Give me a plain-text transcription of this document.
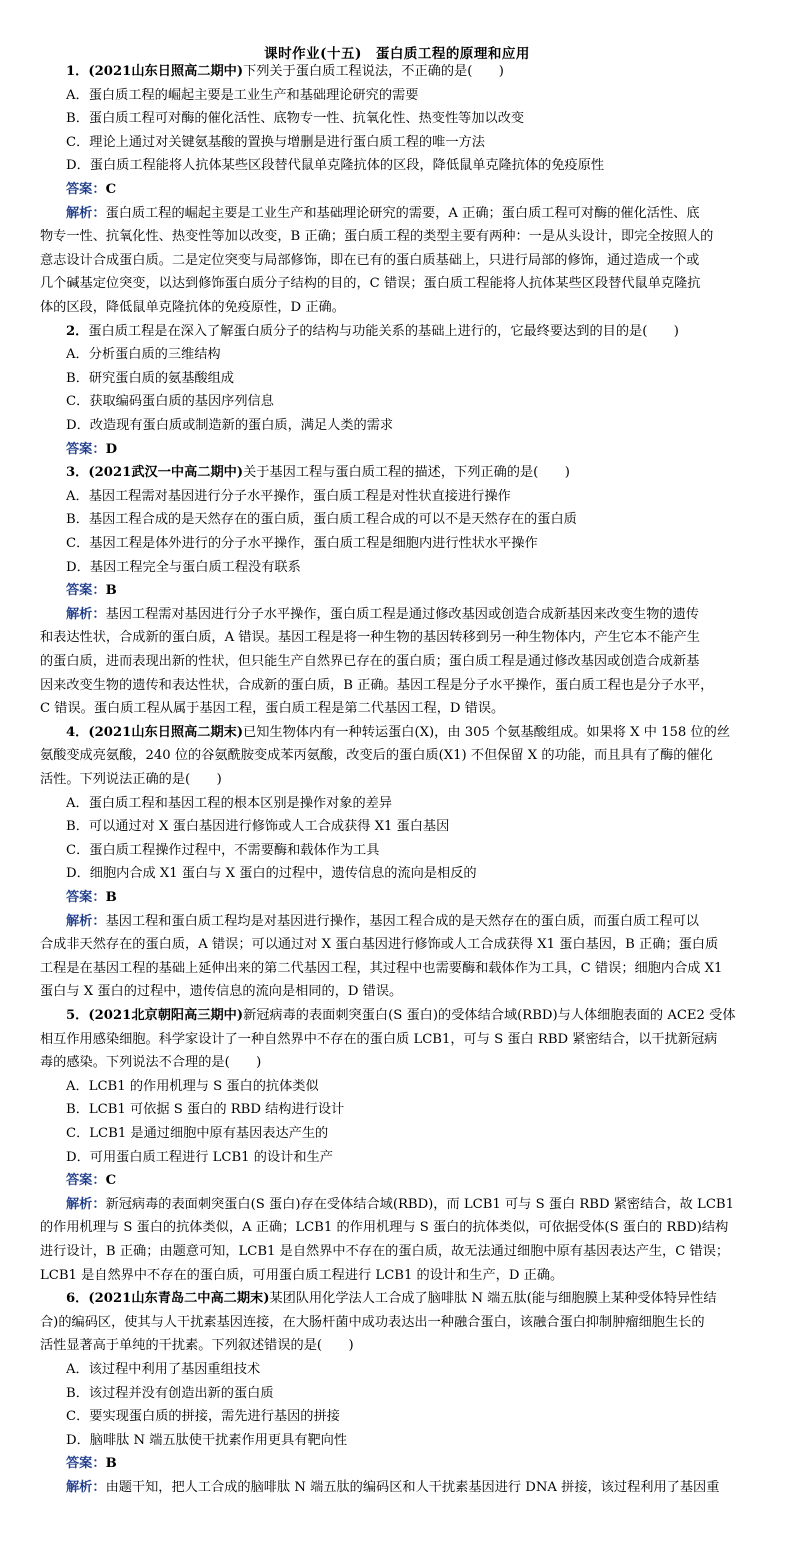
课时作业(十五)　蛋白质工程的原理和应用
1．(2021山东日照高二期中)下列关于蛋白质工程说法，不正确的是(　　)
A．蛋白质工程的崛起主要是工业生产和基础理论研究的需要
B．蛋白质工程可对酶的催化活性、底物专一性、抗氧化性、热变性等加以改变
C．理论上通过对关键氨基酸的置换与增删是进行蛋白质工程的唯一方法
D．蛋白质工程能将人抗体某些区段替代鼠单克隆抗体的区段，降低鼠单克隆抗体的免疫原性
答案：C
解析：蛋白质工程的崛起主要是工业生产和基础理论研究的需要，A 正确；蛋白质工程可对酶的催化活性、底
物专一性、抗氧化性、热变性等加以改变，B 正确；蛋白质工程的类型主要有两种：一是从头设计，即完全按照人的
意志设计合成蛋白质。二是定位突变与局部修饰，即在已有的蛋白质基础上，只进行局部的修饰，通过造成一个或
几个碱基定位突变，以达到修饰蛋白质分子结构的目的，C 错误；蛋白质工程能将人抗体某些区段替代鼠单克隆抗
体的区段，降低鼠单克隆抗体的免疫原性，D 正确。
2．蛋白质工程是在深入了解蛋白质分子的结构与功能关系的基础上进行的，它最终要达到的目的是(　　)
A．分析蛋白质的三维结构
B．研究蛋白质的氨基酸组成
C．获取编码蛋白质的基因序列信息
D．改造现有蛋白质或制造新的蛋白质，满足人类的需求
答案：D
3．(2021武汉一中高二期中)关于基因工程与蛋白质工程的描述，下列正确的是(　　)
A．基因工程需对基因进行分子水平操作，蛋白质工程是对性状直接进行操作
B．基因工程合成的是天然存在的蛋白质，蛋白质工程合成的可以不是天然存在的蛋白质
C．基因工程是体外进行的分子水平操作，蛋白质工程是细胞内进行性状水平操作
D．基因工程完全与蛋白质工程没有联系
答案：B
解析：基因工程需对基因进行分子水平操作，蛋白质工程是通过修改基因或创造合成新基因来改变生物的遗传
和表达性状，合成新的蛋白质，A 错误。基因工程是将一种生物的基因转移到另一种生物体内，产生它本不能产生
的蛋白质，进而表现出新的性状，但只能生产自然界已存在的蛋白质；蛋白质工程是通过修改基因或创造合成新基
因来改变生物的遗传和表达性状，合成新的蛋白质，B 正确。基因工程是分子水平操作，蛋白质工程也是分子水平，
C 错误。蛋白质工程从属于基因工程，蛋白质工程是第二代基因工程，D 错误。
4．(2021山东日照高二期末)已知生物体内有一种转运蛋白(X)，由 305 个氨基酸组成。如果将 X 中 158 位的丝
氨酸变成亮氨酸，240 位的谷氨酰胺变成苯丙氨酸，改变后的蛋白质(X1) 不但保留 X 的功能，而且具有了酶的催化
活性。下列说法正确的是(　　)
A．蛋白质工程和基因工程的根本区别是操作对象的差异
B．可以通过对 X 蛋白基因进行修饰或人工合成获得 X1 蛋白基因
C．蛋白质工程操作过程中，不需要酶和载体作为工具
D．细胞内合成 X1 蛋白与 X 蛋白的过程中，遗传信息的流向是相反的
答案：B
解析：基因工程和蛋白质工程均是对基因进行操作，基因工程合成的是天然存在的蛋白质，而蛋白质工程可以
合成非天然存在的蛋白质，A 错误；可以通过对 X 蛋白基因进行修饰或人工合成获得 X1 蛋白基因，B 正确；蛋白质
工程是在基因工程的基础上延伸出来的第二代基因工程，其过程中也需要酶和载体作为工具，C 错误；细胞内合成 X1
蛋白与 X 蛋白的过程中，遗传信息的流向是相同的，D 错误。
5．(2021北京朝阳高三期中)新冠病毒的表面刺突蛋白(S 蛋白)的受体结合域(RBD)与人体细胞表面的 ACE2 受体
相互作用感染细胞。科学家设计了一种自然界中不存在的蛋白质 LCB1，可与 S 蛋白 RBD 紧密结合，以干扰新冠病
毒的感染。下列说法不合理的是(　　)
A．LCB1 的作用机理与 S 蛋白的抗体类似
B．LCB1 可依据 S 蛋白的 RBD 结构进行设计
C．LCB1 是通过细胞中原有基因表达产生的
D．可用蛋白质工程进行 LCB1 的设计和生产
答案：C
解析：新冠病毒的表面刺突蛋白(S 蛋白)存在受体结合域(RBD)，而 LCB1 可与 S 蛋白 RBD 紧密结合，故 LCB1
的作用机理与 S 蛋白的抗体类似，A 正确；LCB1 的作用机理与 S 蛋白的抗体类似，可依据受体(S 蛋白的 RBD)结构
进行设计，B 正确；由题意可知，LCB1 是自然界中不存在的蛋白质，故无法通过细胞中原有基因表达产生，C 错误；
LCB1 是自然界中不存在的蛋白质，可用蛋白质工程进行 LCB1 的设计和生产，D 正确。
6．(2021山东青岛二中高二期末)某团队用化学法人工合成了脑啡肽 N 端五肽(能与细胞膜上某种受体特异性结
合)的编码区，使其与人干扰素基因连接，在大肠杆菌中成功表达出一种融合蛋白，该融合蛋白抑制肿瘤细胞生长的
活性显著高于单纯的干扰素。下列叙述错误的是(　　)
A．该过程中利用了基因重组技术
B．该过程并没有创造出新的蛋白质
C．要实现蛋白质的拼接，需先进行基因的拼接
D．脑啡肽 N 端五肽使干扰素作用更具有靶向性
答案：B
解析：由题干知，把人工合成的脑啡肽 N 端五肽的编码区和人干扰素基因进行 DNA 拼接，该过程利用了基因重
